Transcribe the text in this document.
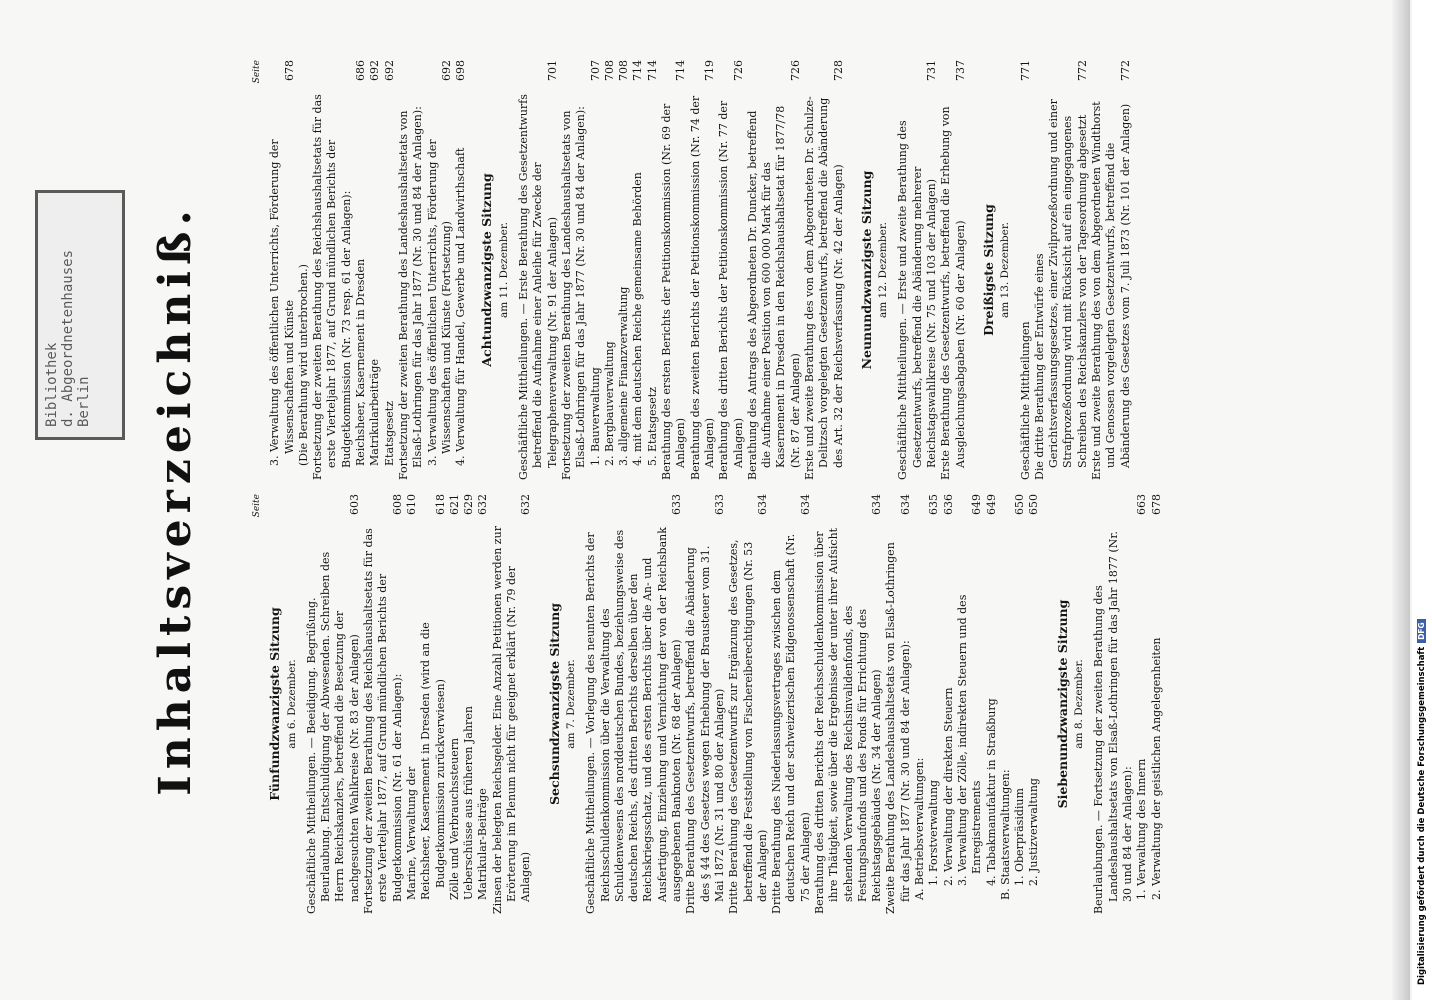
Bibliothek d. Abgeordnetenhauses Berlin Inhaltsverzeichniß.	Seite
Fünfundzwanzigste Sitzung am 6. Dezember. Geschäftliche Mittheilungen. — Beeidigung. Begrüßung. Beurlaubung. Entschuldigung der Abwesenden. Schreiben des Herrn Reichskanzlers, betreffend die Besetzung der nachgesuchten Wahlkreise (Nr. 83 der Anlagen)
603
Fortsetzung der zweiten Berathung des Reichshaushaltsetats für das erste Vierteljahr 1877, auf Grund mündlichen Berichts der Budgetkommission (Nr. 61 der Anlagen):
608
Marine, Verwaltung der
610
Reichsheer, Kasernement in Dresden (wird an die Budgetkommission zurückverwiesen)
618
Zölle und Verbrauchssteuern
621
Ueberschüsse aus früheren Jahren
629
Matrikular-Beiträge
632
Zinsen der belegten Reichsgelder. Eine Anzahl Petitionen werden zur Erörterung im Plenum nicht für geeignet erklärt (Nr. 79 der Anlagen)
632
Sechsundzwanzigste Sitzung am 7. Dezember. Geschäftliche Mittheilungen. — Vorlegung des neunten Berichts der Reichsschuldenkommission über die Verwaltung des Schuldenwesens des norddeutschen Bundes, beziehungsweise des deutschen Reichs, des dritten Berichts derselben über den Reichskriegsschatz, und des ersten Berichts über die An- und Ausfertigung, Einziehung und Vernichtung der von der Reichsbank ausgegebenen Banknoten (Nr. 68 der Anlagen)
633
Dritte Berathung des Gesetzentwurfs, betreffend die Abänderung des § 44 des Gesetzes wegen Erhebung der Brausteuer vom 31. Mai 1872 (Nr. 31 und 80 der Anlagen)
633
Dritte Berathung des Gesetzentwurfs zur Ergänzung des Gesetzes, betreffend die Feststellung von Fischereiberechtigungen (Nr. 53 der Anlagen)
634
Dritte Berathung des Niederlassungsvertrages zwischen dem deutschen Reich und der schweizerischen Eidgenossenschaft (Nr. 75 der Anlagen)
634
Berathung des dritten Berichts der Reichsschuldenkommission über ihre Thätigkeit, sowie über die Ergebnisse der unter ihrer Aufsicht stehenden Verwaltung des Reichsinvalidenfonds, des Festungsbaufonds und des Fonds für Errichtung des Reichstagsgebäudes (Nr. 34 der Anlagen)
634
Zweite Berathung des Landeshaushaltsetats von Elsaß-Lothringen für das Jahr 1877 (Nr. 30 und 84 der Anlagen):
634
A. Betriebsverwaltungen: 1. Forstverwaltung
635
2. Verwaltung der direkten Steuern
636
3. Verwaltung der Zölle, indirekten Steuern und des Enregistrements
649
4. Tabakmanufaktur in Straßburg
649
B. Staatsverwaltungen: 1. Oberpräsidium
650
2. Justizverwaltung
650
Siebenundzwanzigste Sitzung am 8. Dezember. Beurlaubungen. — Fortsetzung der zweiten Berathung des Landeshaushaltsetats von Elsaß-Lothringen für das Jahr 1877 (Nr. 30 und 84 der Anlagen): 1. Verwaltung des Innern
663
2. Verwaltung der geistlichen Angelegenheiten
678
Seite
3. Verwaltung des öffentlichen Unterrichts, Förderung der Wissenschaften und Künste
678
(Die Berathung wird unterbrochen.) Fortsetzung der zweiten Berathung des Reichshaushaltsetats für das erste Vierteljahr 1877, auf Grund mündlichen Berichts der Budgetkommission (Nr. 73 resp. 61 der Anlagen): Reichsheer, Kasernement in Dresden
686
Matrikularbeiträge
692
Etatsgesetz
692
Fortsetzung der zweiten Berathung des Landeshaushaltsetats von Elsaß-Lothringen für das Jahr 1877 (Nr. 30 und 84 der Anlagen): 3. Verwaltung des öffentlichen Unterrichts, Förderung der Wissenschaften und Künste (Fortsetzung)
692
4. Verwaltung für Handel, Gewerbe und Landwirthschaft
698
Achtundzwanzigste Sitzung am 11. Dezember. Geschäftliche Mittheilungen. — Erste Berathung des Gesetzentwurfs betreffend die Aufnahme einer Anleihe für Zwecke der Telegraphenverwaltung (Nr. 91 der Anlagen)
701
Fortsetzung der zweiten Berathung des Landeshaushaltsetats von Elsaß-Lothringen für das Jahr 1877 (Nr. 30 und 84 der Anlagen): 1. Bauverwaltung
707
2. Bergbauverwaltung
708
3. allgemeine Finanzverwaltung
708
4. mit dem deutschen Reiche gemeinsame Behörden
714
5. Etatsgesetz
714
Berathung des ersten Berichts der Petitionskommission (Nr. 69 der Anlagen)
714
Berathung des zweiten Berichts der Petitionskommission (Nr. 74 der Anlagen)
719
Berathung des dritten Berichts der Petitionskommission (Nr. 77 der Anlagen)
726
Berathung des Antrags des Abgeordneten Dr. Duncker, betreffend die Aufnahme einer Position von 600 000 Mark für das Kasernement in Dresden in den Reichshaushaltsetat für 1877/78 (Nr. 87 der Anlagen)
726
Erste und zweite Berathung des von dem Abgeordneten Dr. Schulze-Delitzsch vorgelegten Gesetzentwurfs, betreffend die Abänderung des Art. 32 der Reichsverfassung (Nr. 42 der Anlagen)
728
Neunundzwanzigste Sitzung am 12. Dezember. Geschäftliche Mittheilungen. — Erste und zweite Berathung des Gesetzentwurfs, betreffend die Abänderung mehrerer Reichstagswahlkreise (Nr. 75 und 103 der Anlagen)
731
Erste Berathung des Gesetzentwurfs, betreffend die Erhebung von Ausgleichungsabgaben (Nr. 60 der Anlagen)
737
Dreißigste Sitzung am 13. Dezember.
Geschäftliche Mittheilungen
771
Die dritte Berathung der Entwürfe eines Gerichtsverfassungsgesetzes, einer Zivilprozeßordnung und einer Strafprozeßordnung wird mit Rücksicht auf ein eingegangenes Schreiben des Reichskanzlers von der Tagesordnung abgesetzt
772
Erste und zweite Berathung des von dem Abgeordneten Windthorst und Genossen vorgelegten Gesetzentwurfs, betreffend die Abänderung des Gesetzes vom 7. Juli 1873 (Nr. 101 der Anlagen)
772
Digitalisierung gefördert durch die Deutsche ForschungsgemeinschaftDFG
